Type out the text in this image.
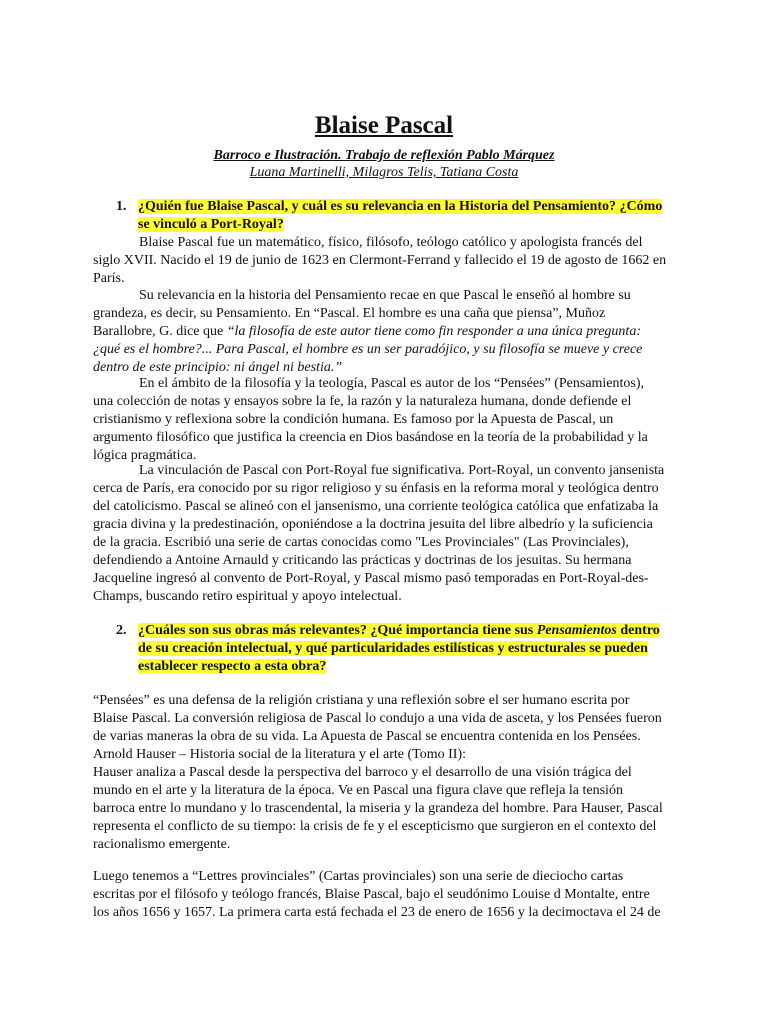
Blaise Pascal
Barroco e Ilustración. Trabajo de reflexión Pablo Márquez
Luana Martinelli, Milagros Telis, Tatiana Costa
1. ¿Quién fue Blaise Pascal, y cuál es su relevancia en la Historia del Pensamiento? ¿Cómo
se vinculó a Port-Royal?
Blaise Pascal fue un matemático, físico, filósofo, teólogo católico y apologista francés del
siglo XVII. Nacido el 19 de junio de 1623 en Clermont-Ferrand y fallecido el 19 de agosto de 1662 en
París.
Su relevancia en la historia del Pensamiento recae en que Pascal le enseñó al hombre su
grandeza, es decir, su Pensamiento. En “Pascal. El hombre es una caña que piensa”, Muñoz
Barallobre, G. dice que “la filosofía de este autor tiene como fin responder a una única pregunta:
¿qué es el hombre?... Para Pascal, el hombre es un ser paradójico, y su filosofía se mueve y crece
dentro de este principio: ni ángel ni bestia.”
En el ámbito de la filosofía y la teología, Pascal es autor de los “Pensées” (Pensamientos),
una colección de notas y ensayos sobre la fe, la razón y la naturaleza humana, donde defiende el
cristianismo y reflexiona sobre la condición humana. Es famoso por la Apuesta de Pascal, un
argumento filosófico que justifica la creencia en Dios basándose en la teoría de la probabilidad y la
lógica pragmática.
La vinculación de Pascal con Port-Royal fue significativa. Port-Royal, un convento jansenista
cerca de París, era conocido por su rigor religioso y su énfasis en la reforma moral y teológica dentro
del catolicismo. Pascal se alineó con el jansenismo, una corriente teológica católica que enfatizaba la
gracia divina y la predestinación, oponiéndose a la doctrina jesuita del libre albedrío y la suficiencia
de la gracia. Escribió una serie de cartas conocidas como "Les Provinciales" (Las Provinciales),
defendiendo a Antoine Arnauld y criticando las prácticas y doctrinas de los jesuitas. Su hermana
Jacqueline ingresó al convento de Port-Royal, y Pascal mismo pasó temporadas en Port-Royal-des-
Champs, buscando retiro espiritual y apoyo intelectual.
2. ¿Cuáles son sus obras más relevantes? ¿Qué importancia tiene sus Pensamientos dentro
de su creación intelectual, y qué particularidades estilísticas y estructurales se pueden
establecer respecto a esta obra?
“Pensées” es una defensa de la religión cristiana y una reflexión sobre el ser humano escrita por
Blaise Pascal. La conversión religiosa de Pascal lo condujo a una vida de asceta, y los Pensées fueron
de varias maneras la obra de su vida. La Apuesta de Pascal se encuentra contenida en los Pensées.
Arnold Hauser – Historia social de la literatura y el arte (Tomo II):
Hauser analiza a Pascal desde la perspectiva del barroco y el desarrollo de una visión trágica del
mundo en el arte y la literatura de la época. Ve en Pascal una figura clave que refleja la tensión
barroca entre lo mundano y lo trascendental, la miseria y la grandeza del hombre. Para Hauser, Pascal
representa el conflicto de su tiempo: la crisis de fe y el escepticismo que surgieron en el contexto del
racionalismo emergente.
Luego tenemos a “Lettres provinciales” (Cartas provinciales) son una serie de dieciocho cartas
escritas por el filósofo y teólogo francés, Blaise Pascal, bajo el seudónimo Louise d Montalte, entre
los años 1656 y 1657. La primera carta está fechada el 23 de enero de 1656 y la decimoctava el 24 de
